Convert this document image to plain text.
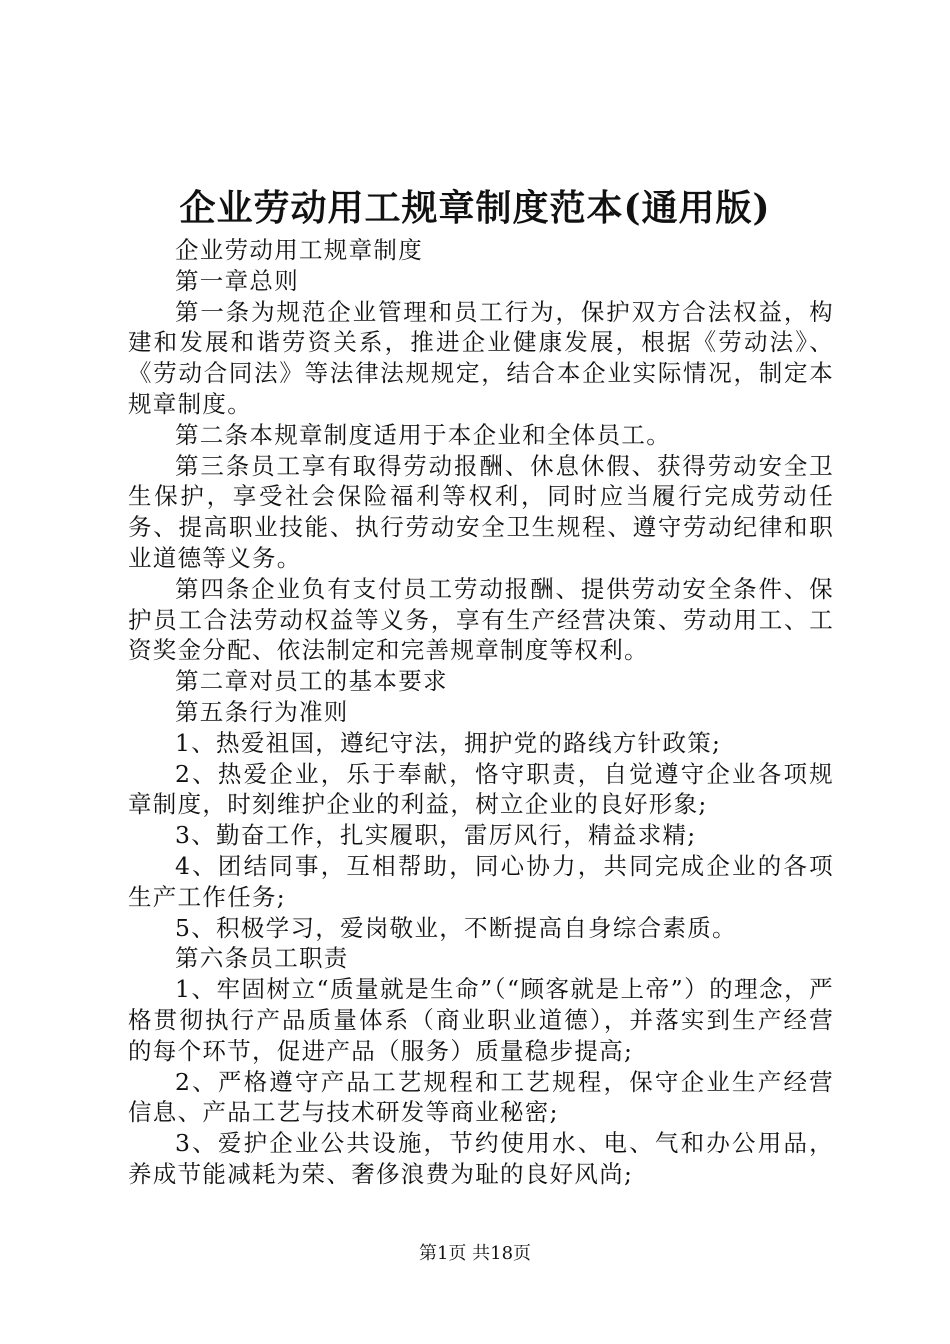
企业劳动用工规章制度范本(通用版)

企业劳动用工规章制度

第一章总则

第一条为规范企业管理和员工行为，保护双方合法权益，构建和发展和谐劳资关系，推进企业健康发展，根据《劳动法》、《劳动合同法》等法律法规规定，结合本企业实际情况，制定本规章制度。

第二条本规章制度适用于本企业和全体员工。

第三条员工享有取得劳动报酬、休息休假、获得劳动安全卫生保护，享受社会保险福利等权利，同时应当履行完成劳动任务、提高职业技能、执行劳动安全卫生规程、遵守劳动纪律和职业道德等义务。

第四条企业负有支付员工劳动报酬、提供劳动安全条件、保护员工合法劳动权益等义务，享有生产经营决策、劳动用工、工资奖金分配、依法制定和完善规章制度等权利。

第二章对员工的基本要求

第五条行为准则

1、热爱祖国，遵纪守法，拥护党的路线方针政策;

2、热爱企业，乐于奉献，恪守职责，自觉遵守企业各项规章制度，时刻维护企业的利益，树立企业的良好形象;

3、勤奋工作，扎实履职，雷厉风行，精益求精;

4、团结同事，互相帮助，同心协力，共同完成企业的各项生产工作任务;

5、积极学习，爱岗敬业，不断提高自身综合素质。

第六条员工职责

1、牢固树立“质量就是生命”（“顾客就是上帝”）的理念，严格贯彻执行产品质量体系（商业职业道德），并落实到生产经营的每个环节，促进产品（服务）质量稳步提高;

2、严格遵守产品工艺规程和工艺规程，保守企业生产经营信息、产品工艺与技术研发等商业秘密;

3、爱护企业公共设施，节约使用水、电、气和办公用品，养成节能减耗为荣、奢侈浪费为耻的良好风尚;

第1页 共18页
